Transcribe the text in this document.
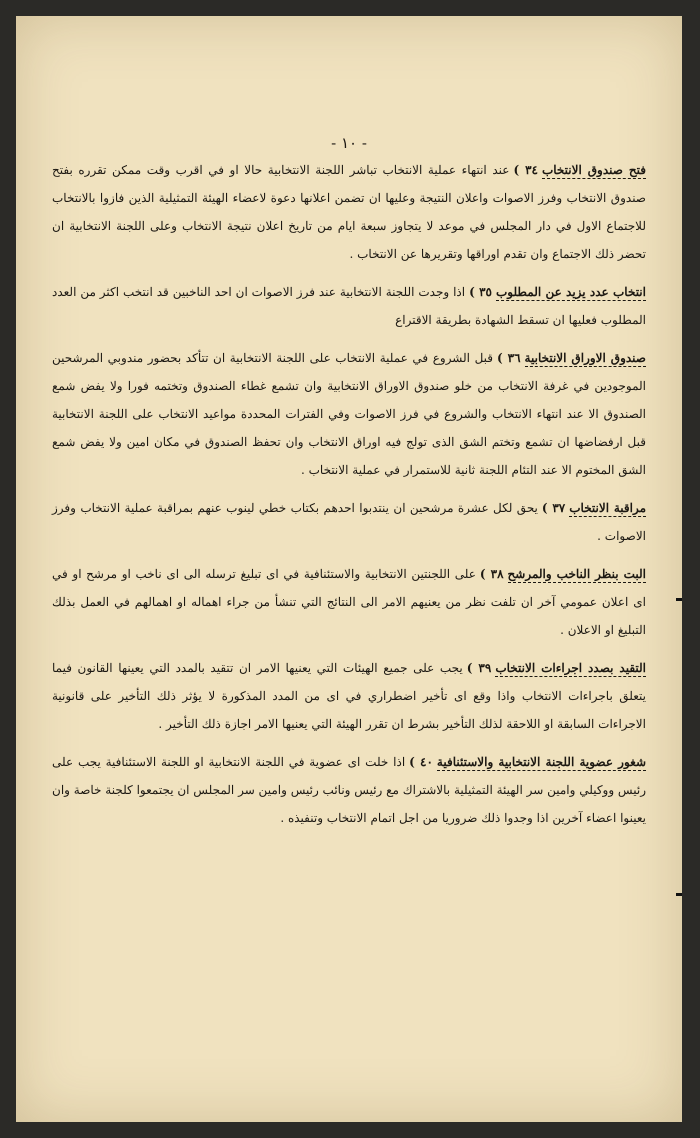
- ١٠ -

فتح صندوق الانتخاب٣٤ )عند انتهاء عملية الانتخاب تباشر اللجنة الانتخابية حالا او في اقرب وقت ممكن تقرره بفتح صندوق الانتخاب وفرز الاصوات واعلان النتيجة وعليها ان تضمن اعلانها دعوة لاعضاء الهيئة التمثيلية الذين فازوا بالانتخاب للاجتماع الاول في دار المجلس في موعد لا يتجاوز سبعة ايام من تاريخ اعلان نتيجة الانتخاب وعلى اللجنة الانتخابية ان تحضر ذلك الاجتماع وان تقدم اوراقها وتقريرها عن الانتخاب .

انتخاب عدد يزيد عن المطلوب٣٥ )اذا وجدت اللجنة الانتخابية عند فرز الاصوات ان احد الناخبين قد انتخب اكثر من العدد المطلوب فعليها ان تسقط الشهادة بطريقة الاقتراع

صندوق الاوراق الانتخابية٣٦ )قبل الشروع في عملية الانتخاب على اللجنة الانتخابية ان تتأكد بحضور مندوبي المرشحين الموجودين في غرفة الانتخاب من خلو صندوق الاوراق الانتخابية وان تشمع غطاء الصندوق وتختمه فورا ولا يفض شمع الصندوق الا عند انتهاء الانتخاب والشروع في فرز الاصوات وفي الفترات المحددة مواعيد الانتخاب على اللجنة الانتخابية قبل ارفضاضها ان تشمع وتختم الشق الذى تولج فيه اوراق الانتخاب وان تحفظ الصندوق في مكان امين ولا يفض شمع الشق المختوم الا عند التئام اللجنة ثانية للاستمرار في عملية الانتخاب .

مراقبة الانتخاب٣٧ )يحق لكل عشرة مرشحين ان ينتدبوا احدهم بكتاب خطي لينوب عنهم بمراقبة عملية الانتخاب وفرز الاصوات .

البت بنظر الناخب والمرشح٣٨ )على اللجنتين الانتخابية والاستئنافية في اى تبليغ ترسله الى اى ناخب او مرشح او في اى اعلان عمومي آخر ان تلفت نظر من يعنيهم الامر الى النتائج التي تنشأ من جراء اهماله او اهمالهم في العمل بذلك التبليغ او الاعلان .

التقيد بصدد اجراءات الانتخاب٣٩ )يجب على جميع الهيئات التي يعنيها الامر ان تتقيد بالمدد التي يعينها القانون فيما يتعلق باجراءات الانتخاب واذا وقع اى تأخير اضطراري في اى من المدد المذكورة لا يؤثر ذلك التأخير على قانونية الاجراءات السابقة او اللاحقة لذلك التأخير بشرط ان تقرر الهيئة التي يعنيها الامر اجازة ذلك التأخير .

شغور عضوية اللجنة الانتخابية والاستئنافية٤٠ )اذا خلت اى عضوية في اللجنة الانتخابية او اللجنة الاستئنافية يجب على رئيس ووكيلي وامين سر الهيئة التمثيلية بالاشتراك مع رئيس ونائب رئيس وامين سر المجلس ان يجتمعوا كلجنة خاصة وان يعينوا اعضاء آخرين اذا وجدوا ذلك ضروريا من اجل اتمام الانتخاب وتنفيذه .
